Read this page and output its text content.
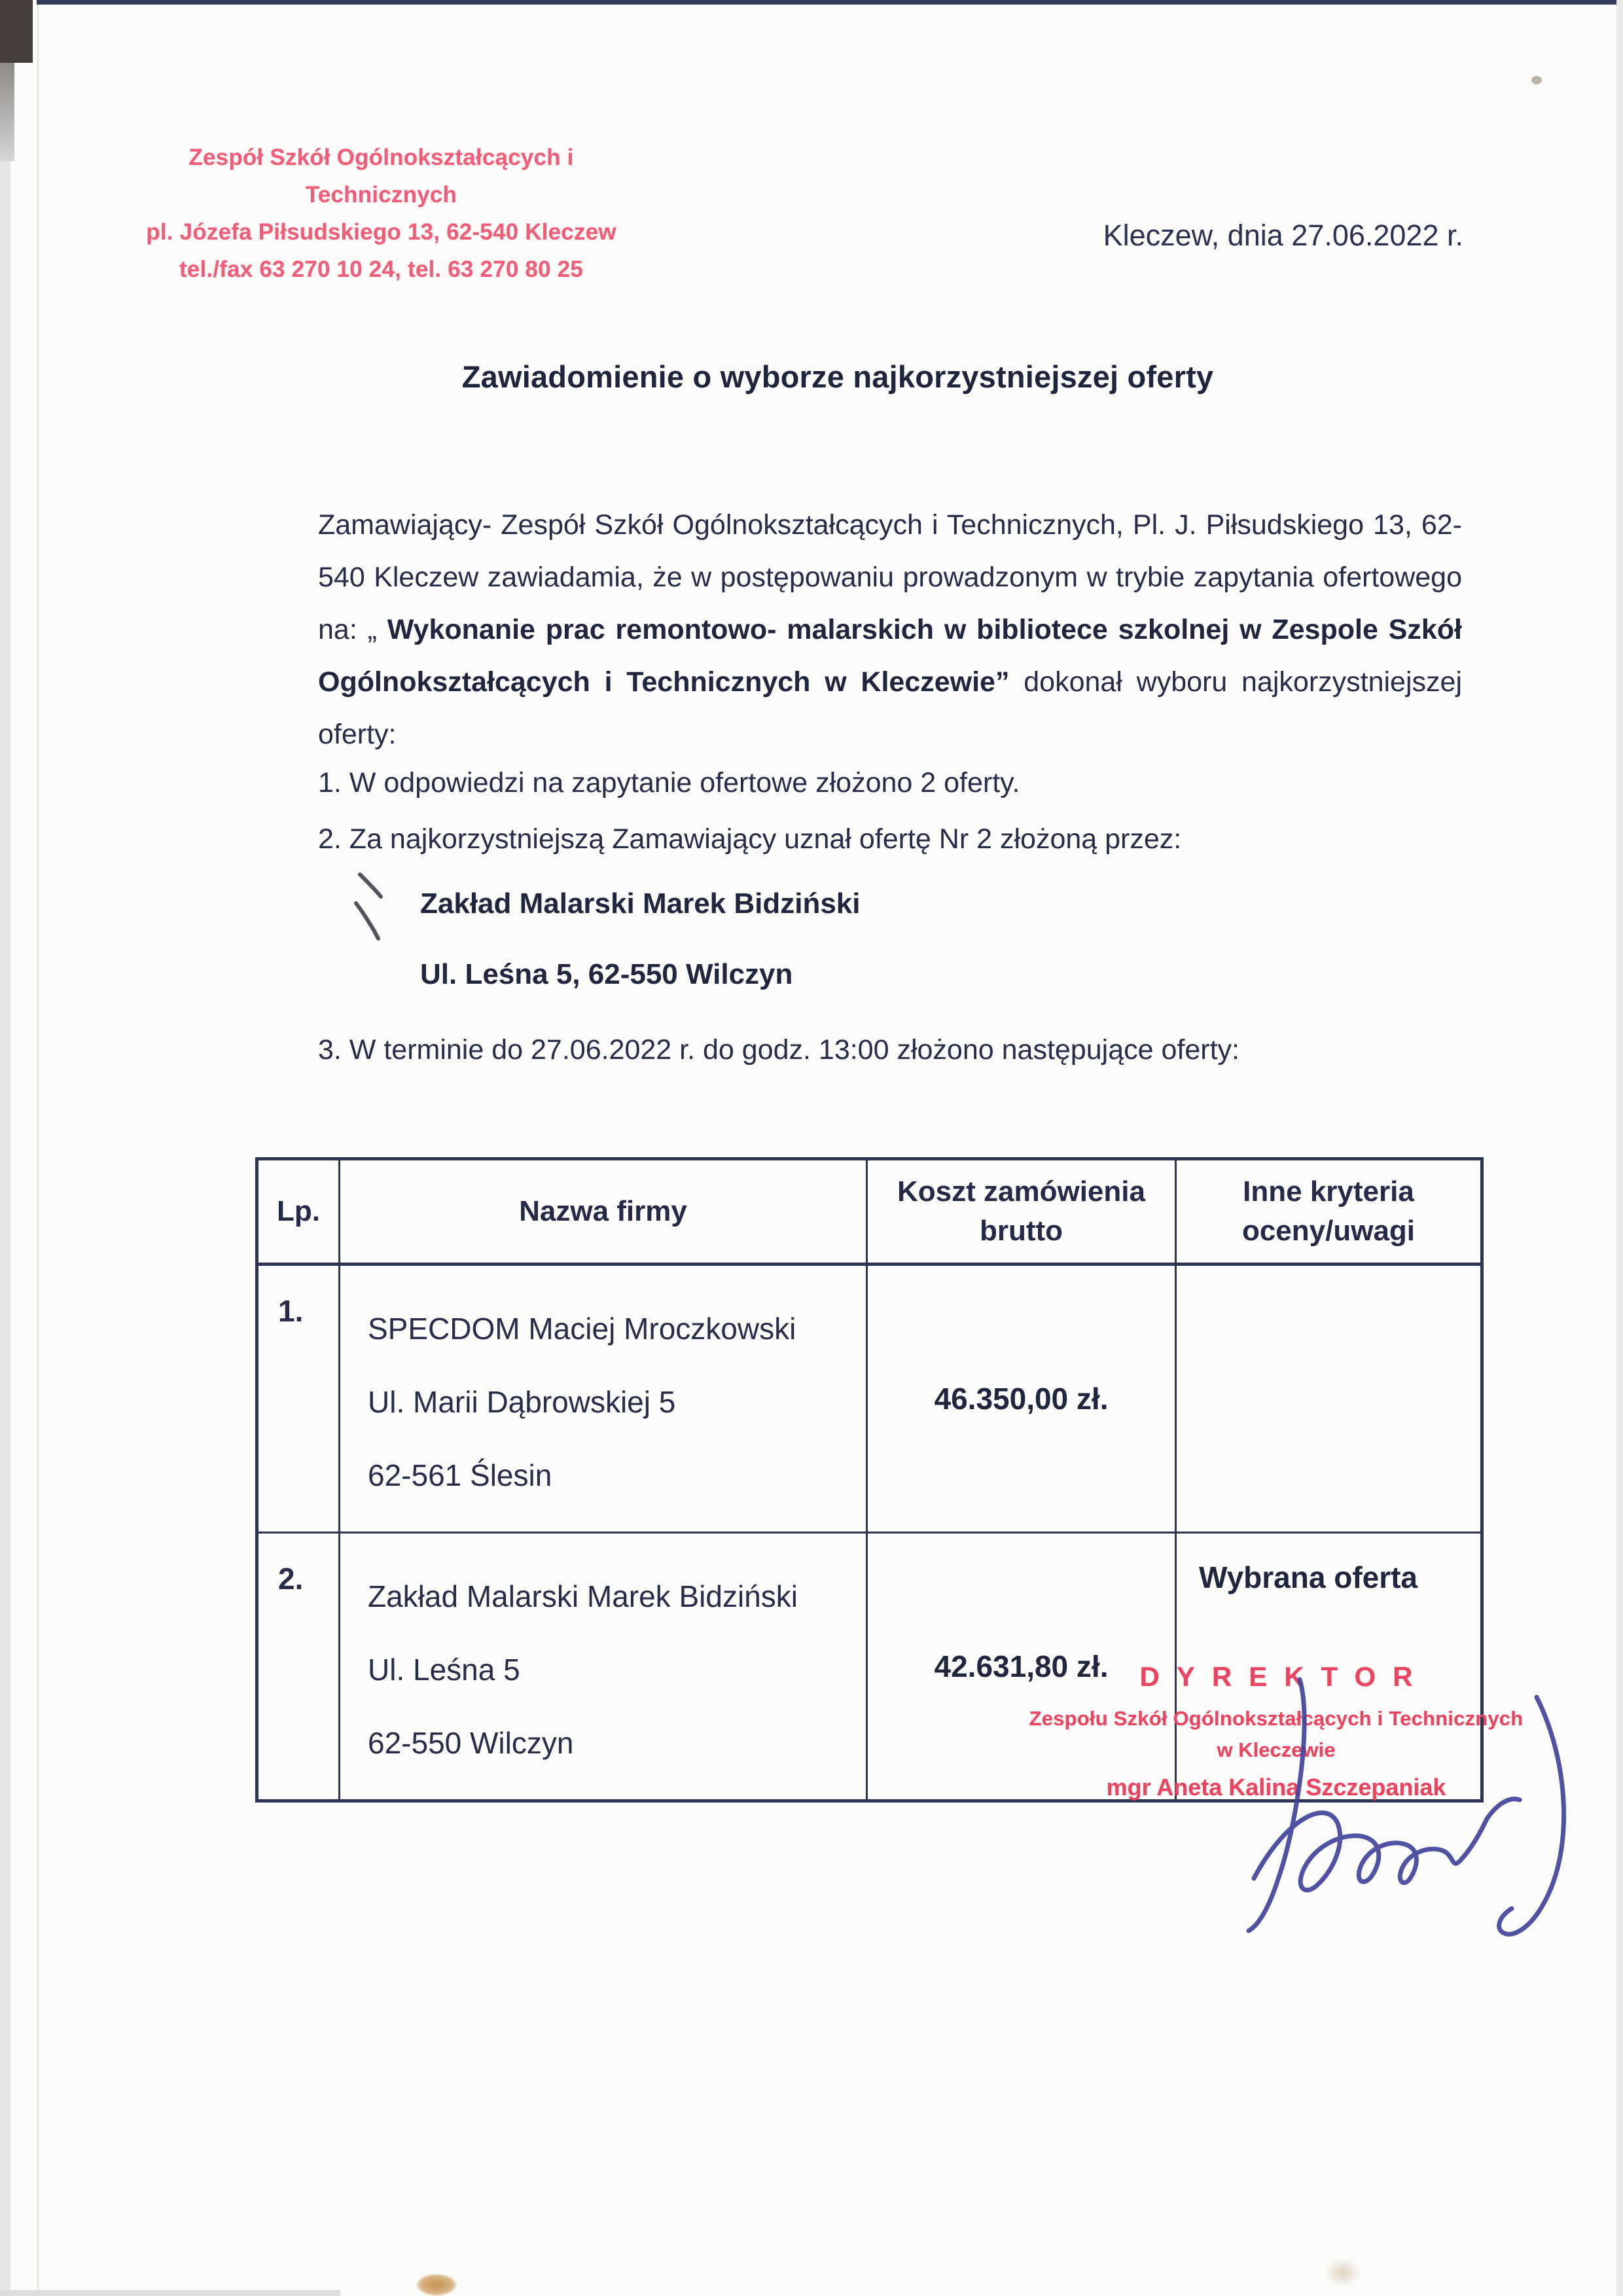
Zespół Szkół Ogólnokształcących i Technicznych
pl. Józefa Piłsudskiego 13, 62-540 Kleczew
tel./fax 63 270 10 24, tel. 63 270 80 25
Kleczew, dnia 27.06.2022 r.
Zawiadomienie o wyborze najkorzystniejszej oferty

Zamawiający- Zespół Szkół Ogólnokształcących i Technicznych, Pl. J. Piłsudskiego 13, 62-540 Kleczew zawiadamia, że w postępowaniu prowadzonym w trybie zapytania ofertowego na: „ Wykonanie prac remontowo- malarskich w bibliotece szkolnej w Zespole Szkół Ogólnokształcących i Technicznych w Kleczewie” dokonał wyboru najkorzystniejszej oferty:

1. W odpowiedzi na zapytanie ofertowe złożono 2 oferty.
2. Za najkorzystniejszą Zamawiający uznał ofertę Nr 2 złożoną przez:
Zakład Malarski Marek Bidziński
Ul. Leśna 5, 62-550 Wilczyn
3. W terminie do 27.06.2022 r. do godz. 13:00 złożono następujące oferty:
Lp.	Nazwa firmy	Koszt zamówienia brutto	Inne kryteria oceny/uwagi
1.	SPECDOM Maciej Mroczkowski
Ul. Marii Dąbrowskiej 5
62-561 Ślesin	46.350,00 zł.	
2.	Zakład Malarski Marek Bidziński
Ul. Leśna 5
62-550 Wilczyn	42.631,80 zł.	Wybrana oferta
DYREKTOR
Zespołu Szkół Ogólnokształcących i Technicznych
w Kleczewie
mgr Aneta Kalina Szczepaniak
